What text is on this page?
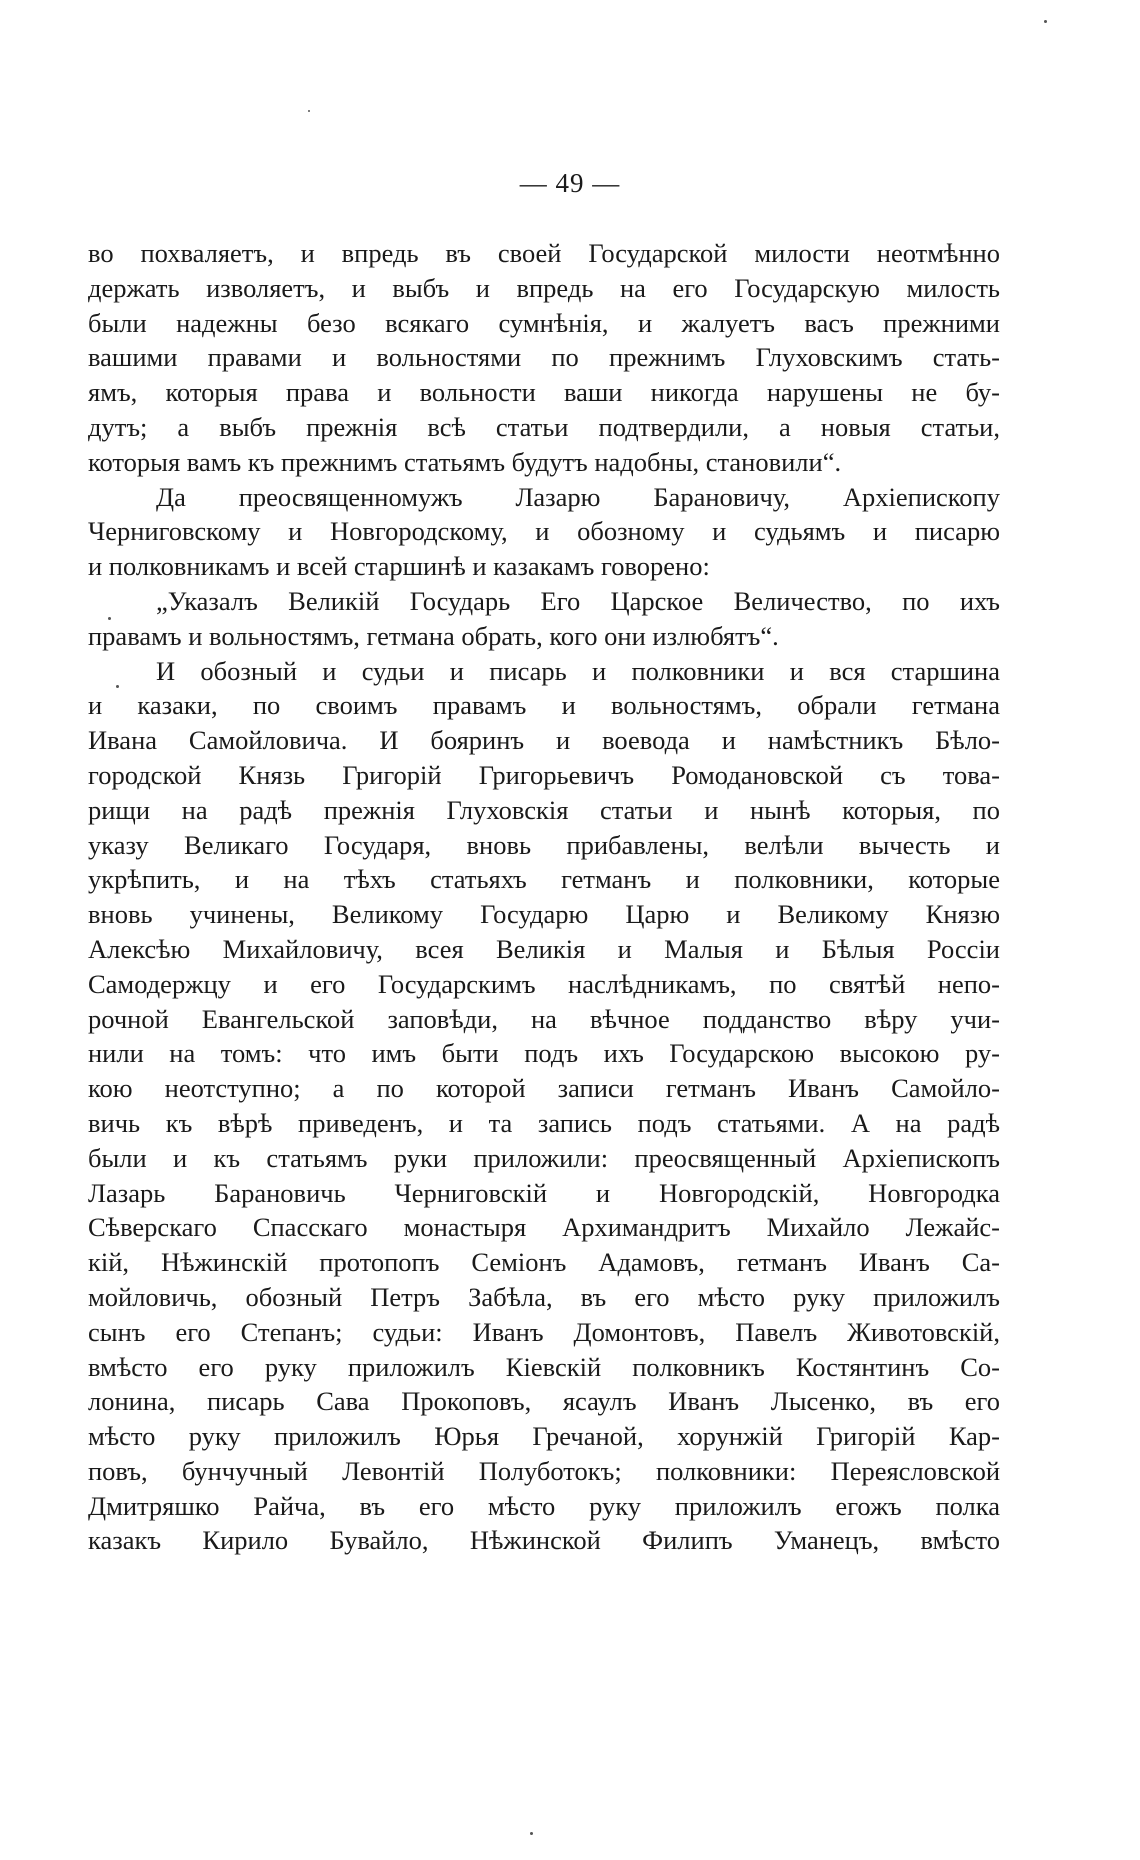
— 49 —
во похваляетъ, и впредь въ своей Государской милости неотмѣнно
держать изволяетъ, и выбъ и впредь на его Государскую милость
были надежны безо всякаго сумнѣнія, и жалуетъ васъ прежними
вашими правами и вольностями по прежнимъ Глуховскимъ стать-
ямъ, которыя права и вольности ваши никогда нарушены не бу-
дутъ; а выбъ прежнія всѣ статьи подтвердили, а новыя статьи,
которыя вамъ къ прежнимъ статьямъ будутъ надобны, становили“.
Да преосвященномужъ Лазарю Барановичу, Архіепископу
Черниговскому и Новгородскому, и обозному и судьямъ и писарю
и полковникамъ и всей старшинѣ и казакамъ говорено:
„Указалъ Великій Государь Его Царское Величество, по ихъ
правамъ и вольностямъ, гетмана обрать, кого они излюбятъ“.
И обозный и судьи и писарь и полковники и вся старшина
и казаки, по своимъ правамъ и вольностямъ, обрали гетмана
Ивана Самойловича. И бояринъ и воевода и намѣстникъ Бѣло-
городской Князь Григорій Григорьевичъ Ромодановской съ това-
рищи на радѣ прежнія Глуховскія статьи и нынѣ которыя, по
указу Великаго Государя, вновь прибавлены, велѣли вычесть и
укрѣпить, и на тѣхъ статьяхъ гетманъ и полковники, которые
вновь учинены, Великому Государю Царю и Великому Князю
Алексѣю Михайловичу, всея Великія и Малыя и Бѣлыя Россіи
Самодержцу и его Государскимъ наслѣдникамъ, по святѣй непо-
рочной Евангельской заповѣди, на вѣчное подданство вѣру учи-
нили на томъ: что имъ быти подъ ихъ Государскою высокою ру-
кою неотступно; а по которой записи гетманъ Иванъ Самойло-
вичь къ вѣрѣ приведенъ, и та запись подъ статьями. А на радѣ
были и къ статьямъ руки приложили: преосвященный Архіепископъ
Лазарь Барановичь Черниговскій и Новгородскій, Новгородка
Сѣверскаго Спасскаго монастыря Архимандритъ Михайло Лежайс-
кій, Нѣжинскій протопопъ Семіонъ Адамовъ, гетманъ Иванъ Са-
мойловичь, обозный Петръ Забѣла, въ его мѣсто руку приложилъ
сынъ его Степанъ; судьи: Иванъ Домонтовъ, Павелъ Животовскій,
вмѣсто его руку приложилъ Кіевскій полковникъ Костянтинъ Со-
лонина, писарь Сава Прокоповъ, ясаулъ Иванъ Лысенко, въ его
мѣсто руку приложилъ Юрья Гречаной, хорунжій Григорій Кар-
повъ, бунчучный Левонтій Полуботокъ; полковники: Переясловской
Дмитряшко Райча, въ его мѣсто руку приложилъ егожъ полка
казакъ Кирило Бувайло, Нѣжинской Филипъ Уманецъ, вмѣсто
